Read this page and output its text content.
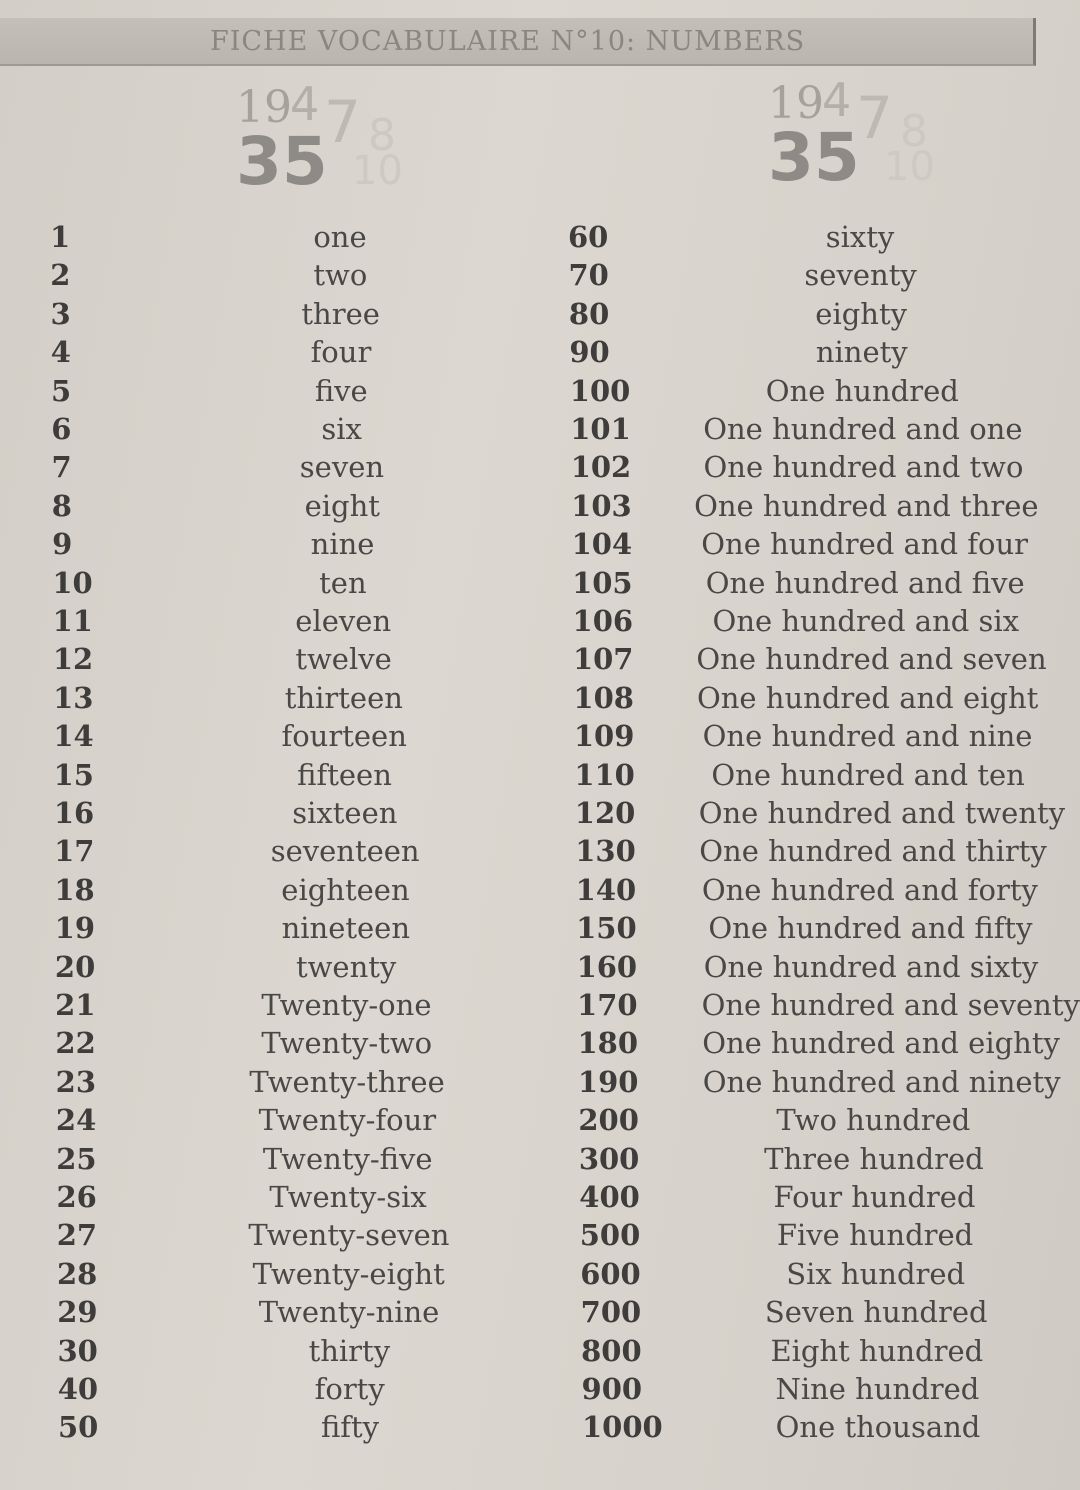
FICHE VOCABULAIRE N°10: NUMBERS
19
4 7 8
35 10
19
4 7 8
35 10
1
2
3
4
5
6
7
8
9
10
11
12
13
14
15
16
17
18
19
20
21
22
23
24
25
26
27
28
29
30
40
50
one
two
three
four
five
six
seven
eight
nine
ten
eleven
twelve
thirteen
fourteen
fifteen
sixteen
seventeen
eighteen
nineteen
twenty
Twenty-one
Twenty-two
Twenty-three
Twenty-four
Twenty-five
Twenty-six
Twenty-seven
Twenty-eight
Twenty-nine
thirty
forty
fifty
60
70
80
90
100
101
102
103
104
105
106
107
108
109
110
120
130
140
150
160
170
180
190
200
300
400
500
600
700
800
900
1000
sixty
seventy
eighty
ninety
One hundred
One hundred and one
One hundred and two
One hundred and three
One hundred and four
One hundred and five
One hundred and six
One hundred and seven
One hundred and eight
One hundred and nine
One hundred and ten
One hundred and twenty
One hundred and thirty
One hundred and forty
One hundred and fifty
One hundred and sixty
One hundred and seventy
One hundred and eighty
One hundred and ninety
Two hundred
Three hundred
Four hundred
Five hundred
Six hundred
Seven hundred
Eight hundred
Nine hundred
One thousand
